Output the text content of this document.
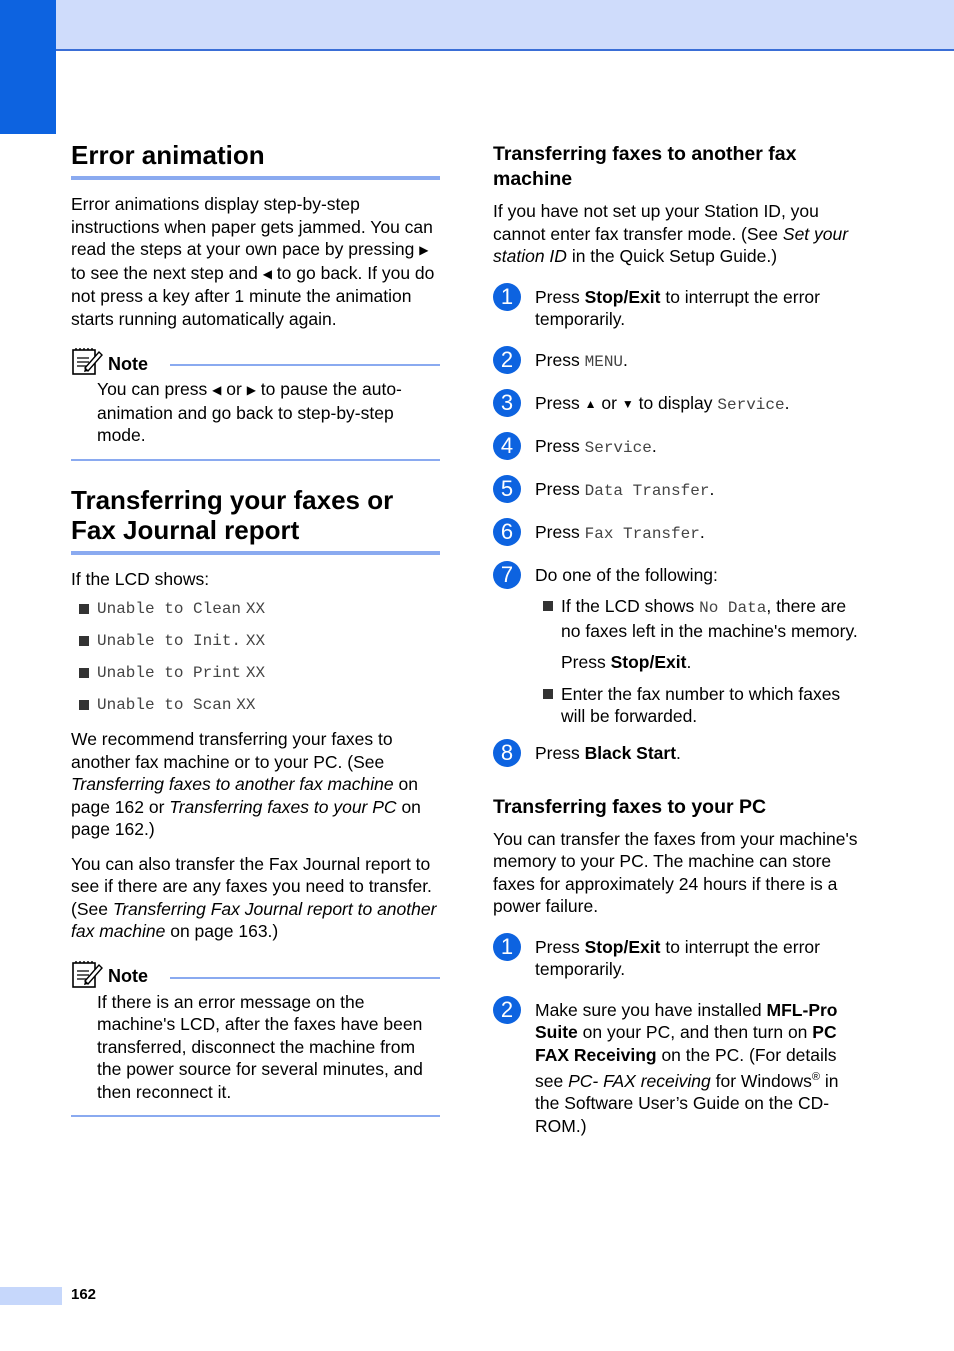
Error animation

Error animations display step-by-step instructions when paper gets jammed. You can read the steps at your own pace by pressing ▶ to see the next step and ◀ to go back. If you do not press a key after 1 minute the animation starts running automatically again.

Note

You can press ◀ or ▶ to pause the auto-animation and go back to step-by-step mode.

Transferring your faxes or Fax Journal report

If the LCD shows:

Unable to Clean
XX
Unable to Init.
XX
Unable to Print
XX
Unable to Scan
XX

We recommend transferring your faxes to another fax machine or to your PC. (See Transferring faxes to another fax machine on page 162 or Transferring faxes to your PC on page 162.)

You can also transfer the Fax Journal report to see if there are any faxes you need to transfer. (See Transferring Fax Journal report to another fax machine on page 163.)

Note

If there is an error message on the machine's LCD, after the faxes have been transferred, disconnect the machine from the power source for several minutes, and then reconnect it.

Transferring faxes to another fax machine

If you have not set up your Station ID, you cannot enter fax transfer mode. (See Set your station ID in the Quick Setup Guide.)

1	Press Stop/Exit to interrupt the error temporarily.
2	Press MENU.
3	Press ▲ or ▼ to display Service.
4	Press Service.
5	Press Data Transfer.
6	Press Fax Transfer.
7	Do one of the following:
If the LCD shows No Data, there are no faxes left in the machine's memory.
Press Stop/Exit.
Enter the fax number to which faxes will be forwarded.
8	Press Black Start.
Transferring faxes to your PC

You can transfer the faxes from your machine's memory to your PC. The machine can store faxes for approximately 24 hours if there is a power failure.

1	Press Stop/Exit to interrupt the error temporarily.
2	Make sure you have installed MFL-Pro Suite on your PC, and then turn on PC FAX Receiving on the PC. (For details see PC- FAX receiving for Windows® in the Software User’s Guide on the CD-ROM.)
162
